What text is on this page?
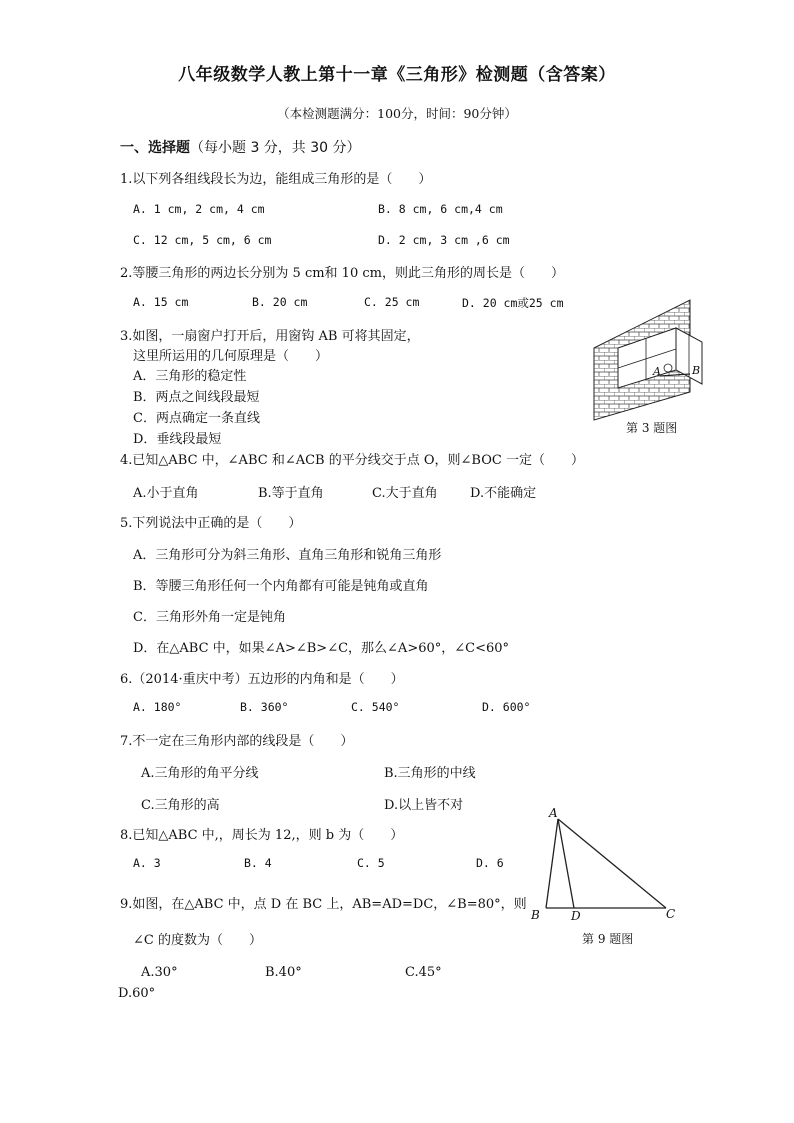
八年级数学人教上第十一章《三角形》检测题（含答案）
（本检测题满分：100分，时间：90分钟）
一、选择题（每小题 3 分，共 30 分）
1.以下列各组线段长为边，能组成三角形的是（　　）
A. 1 cm, 2 cm, 4 cm	B. 8 cm, 6 cm,4 cm
C. 12 cm, 5 cm, 6 cm	D. 2 cm, 3 cm ,6 cm
2.等腰三角形的两边长分别为 5 cm和 10 cm，则此三角形的周长是（　　）
A. 15 cm	B. 20 cm	C. 25 cm	D. 20 cm或25 cm
3.如图，一扇窗户打开后，用窗钩 AB 可将其固定，
这里所运用的几何原理是（　　）
A．三角形的稳定性
B．两点之间线段最短
C．两点确定一条直线
D．垂线段最短
A	B
第 3 题图
4.已知△ABC 中，∠ABC 和∠ACB 的平分线交于点 O，则∠BOC 一定（　　）
A.小于直角	B.等于直角	C.大于直角 D.不能确定
5.下列说法中正确的是（　　）
A．三角形可分为斜三角形、直角三角形和锐角三角形
B．等腰三角形任何一个内角都有可能是钝角或直角
C．三角形外角一定是钝角
D．在△ABC 中，如果∠A>∠B>∠C，那么∠A>60°，∠C<60°
6.（2014·重庆中考）五边形的内角和是（　　）
A. 180°	B. 360°	C. 540°	D. 600°
7.不一定在三角形内部的线段是（　　）
A.三角形的角平分线	B.三角形的中线
C.三角形的高	D.以上皆不对
8.已知△ABC 中,，周长为 12,，则 b 为（　　）
A. 3	B. 4	C. 5	D. 6
9.如图，在△ABC 中，点 D 在 BC 上，AB=AD=DC，∠B=80°，则
∠C 的度数为（　　）
A.30°	B.40°	C.45°
D.60°
A
B	D	C
第 9 题图
